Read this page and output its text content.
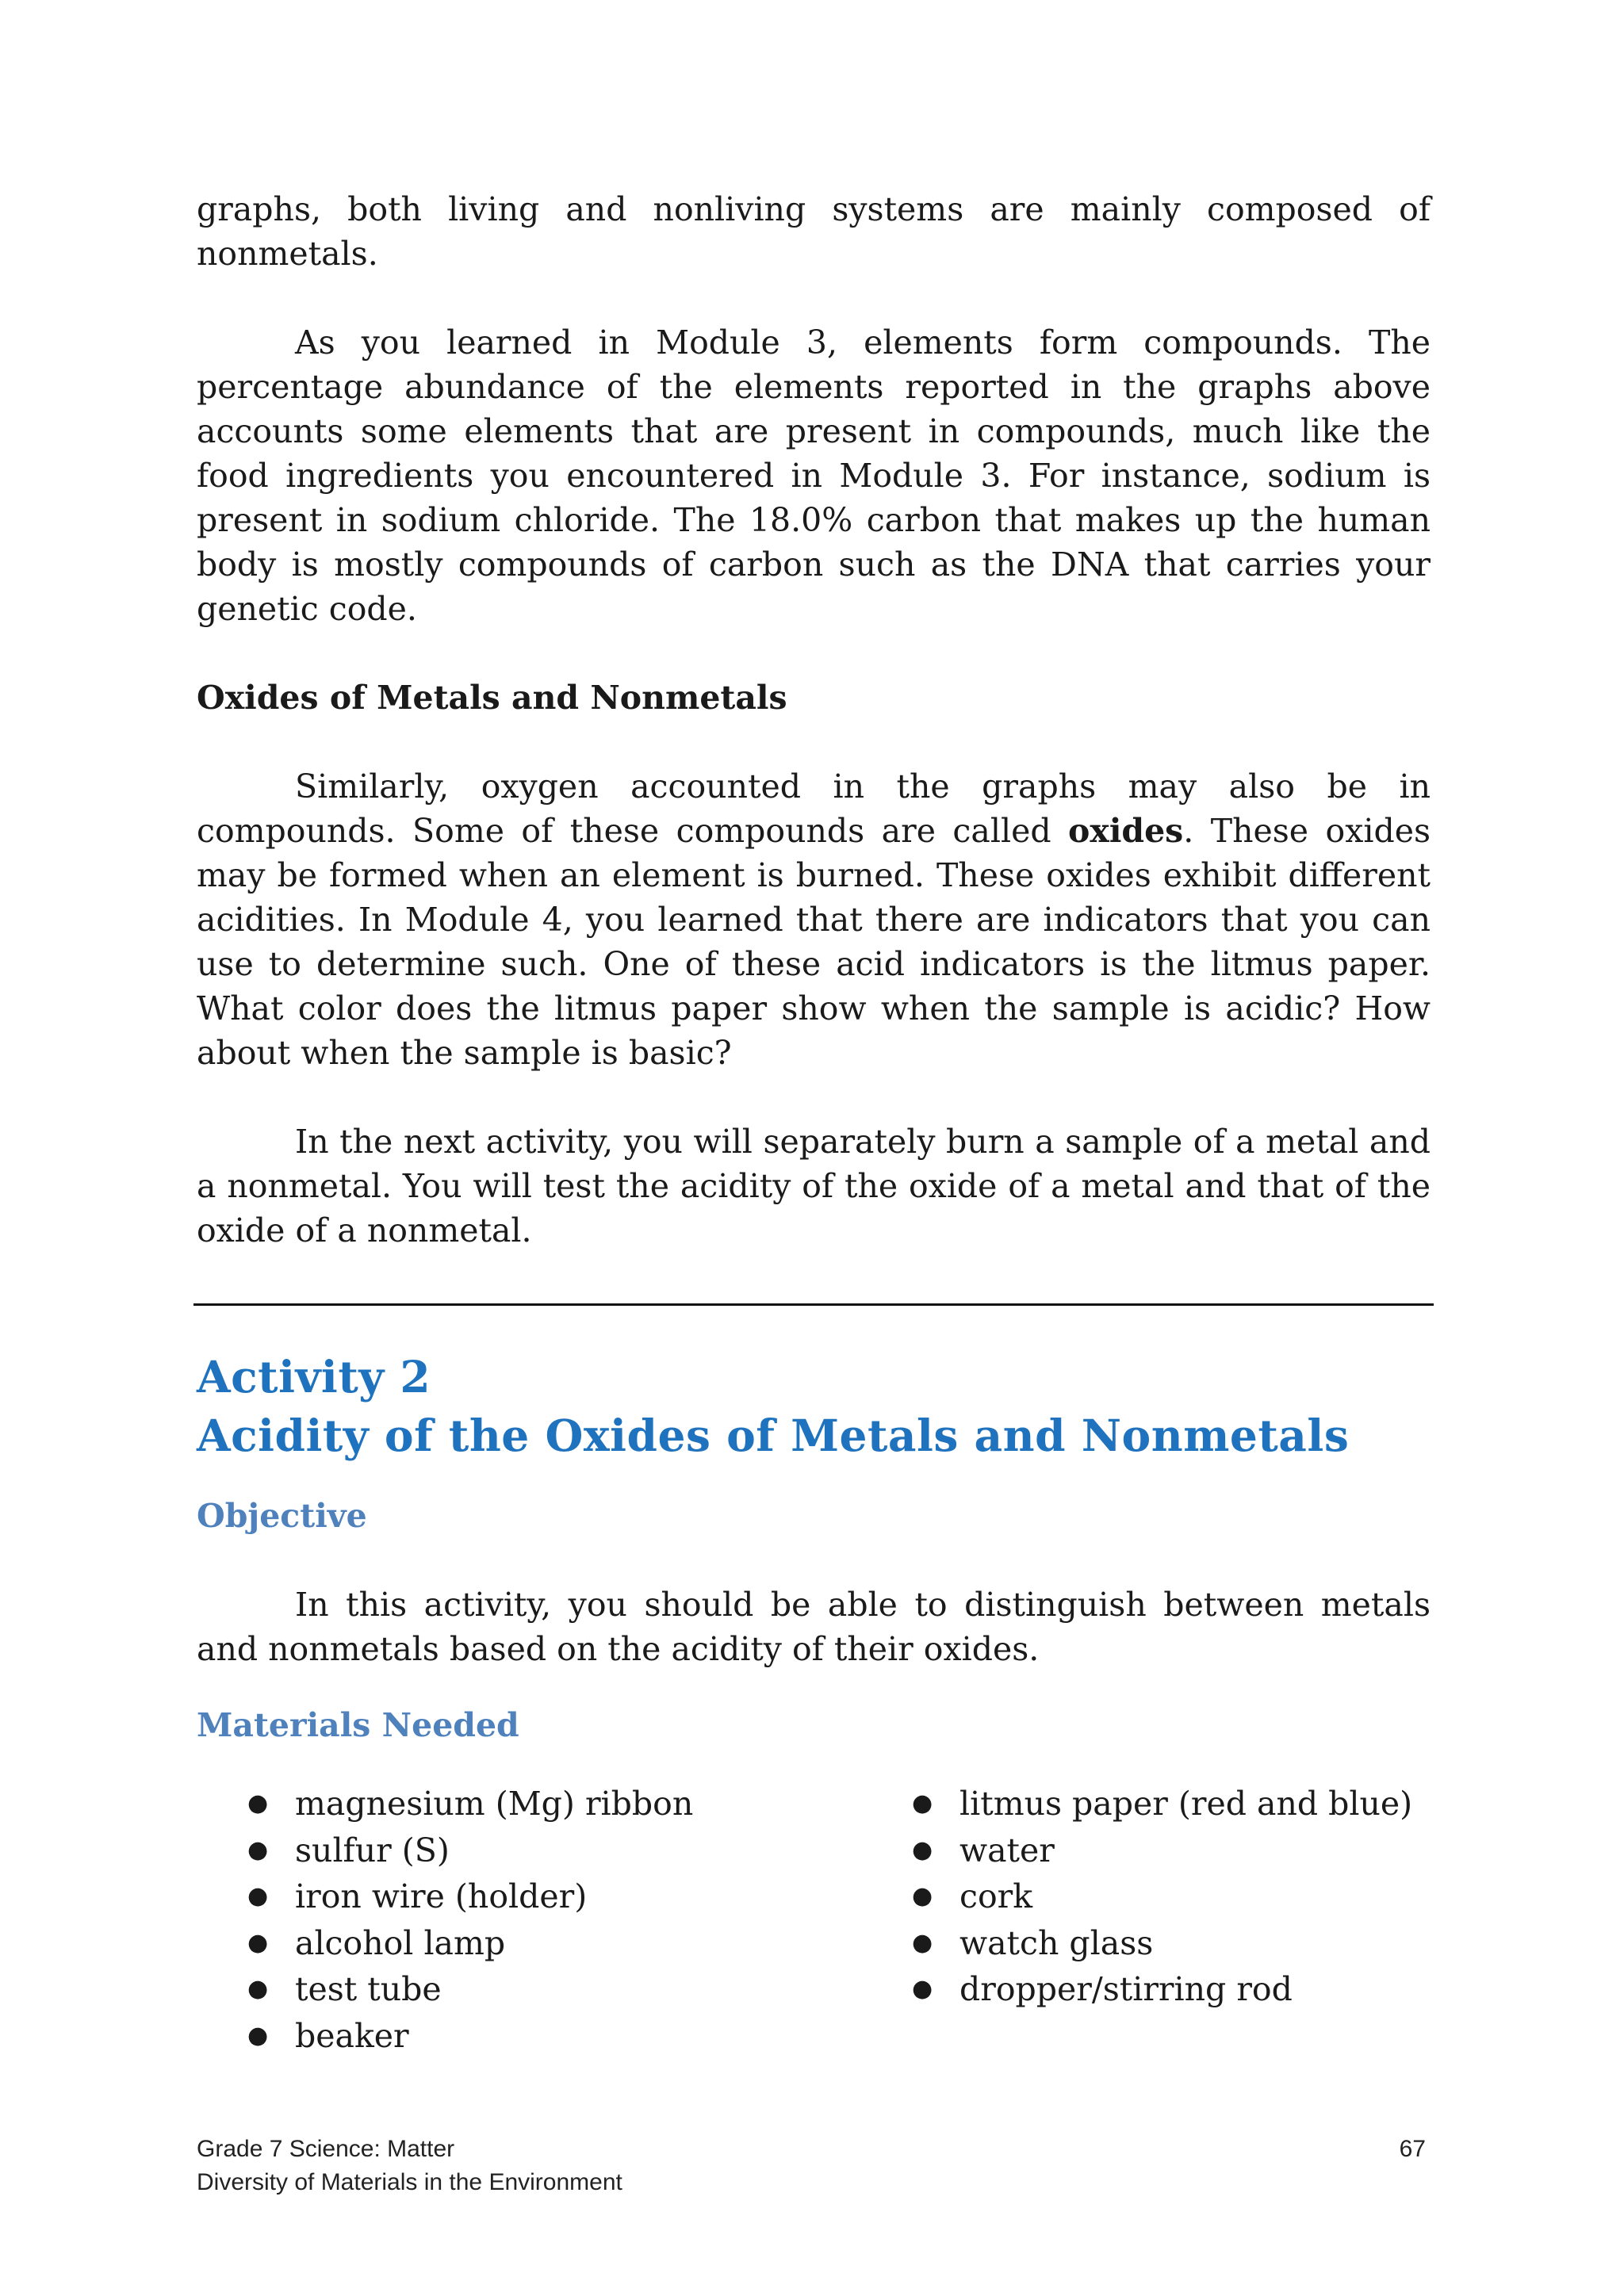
graphs, both living and nonliving systems are mainly composed of nonmetals.

As you learned in Module 3, elements form compounds. The percentage abundance of the elements reported in the graphs above accounts some elements that are present in compounds, much like the food ingredients you encountered in Module 3. For instance, sodium is present in sodium chloride. The 18.0% carbon that makes up the human body is mostly compounds of carbon such as the DNA that carries your genetic code.

Oxides of Metals and Nonmetals

Similarly, oxygen accounted in the graphs may also be in compounds. Some of these compounds are called oxides. These oxides may be formed when an element is burned. These oxides exhibit different acidities. In Module 4, you learned that there are indicators that you can use to determine such. One of these acid indicators is the litmus paper. What color does the litmus paper show when the sample is acidic? How about when the sample is basic?

In the next activity, you will separately burn a sample of a metal and a nonmetal. You will test the acidity of the oxide of a metal and that of the oxide of a nonmetal.

Activity 2

Acidity of the Oxides of Metals and Nonmetals

Objective

In this activity, you should be able to distinguish between metals and nonmetals based on the acidity of their oxides.

Materials Needed

● magnesium (Mg) ribbon
● sulfur (S)
● iron wire (holder)
● alcohol lamp
● test tube
● beaker
● litmus paper (red and blue)
● water
● cork
● watch glass
● dropper/stirring rod
Grade 7 Science: Matter
Diversity of Materials in the Environment
67
